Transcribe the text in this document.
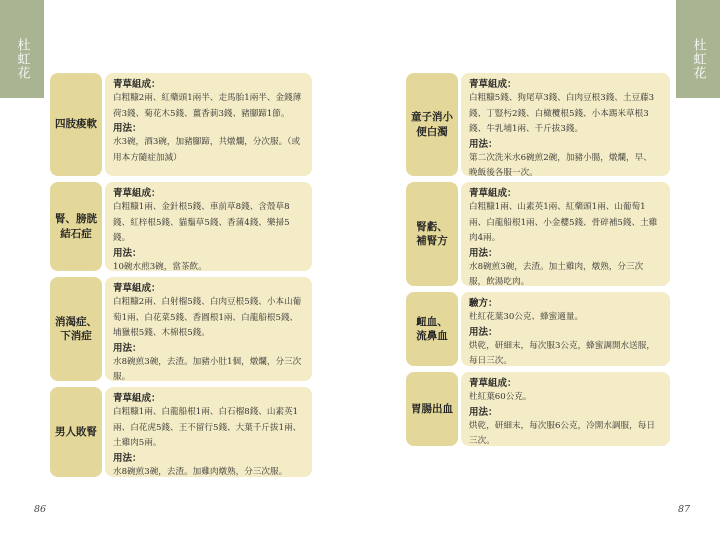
杜虹花
四肢痠軟
青草組成：
白粗糠2兩、紅藥頭1兩半、走馬胎1兩半、金錢薄荷3錢、菊花木5錢、薑香莿3錢、豬腳蹄1節。
用法：
水3碗，酒3碗，加豬腳蹄，共燉爛，分次服。（或用本方隨症加減）
腎、膀胱
結石症
青草組成：
白粗糠1兩、金針根5錢、車前草8錢、含殼草8錢、紅梓根5錢、貓鬚草5錢、香蒲4錢、樂掃5錢。
用法：
10碗水煎3碗，當茶飲。
消渴症、
下消症
青草組成：
白粗糠2兩、白射榴5錢、白肉豆根5錢、小本山葡萄1兩、白花菜5錢、香圓根1兩、白龍船根5錢、埔獵根5錢、木棉根5錢。
用法：
水8碗煎3碗，去渣。加豬小肚1個，燉爛，分三次服。
男人敗腎
青草組成：
白粗糠1兩、白龍船根1兩、白石榴8錢、山素英1兩、白花虎5錢、王不留行5錢、大葉千斤拔1兩、土雞肉5兩。
用法：
水8碗煎3碗，去渣。加雞肉燉熟，分三次服。
86
杜虹花
童子消小
便白濁
青草組成：
白粗糠5錢、狗尾草3錢、白肉豆根3錢、土豆藤3錢、丁豎杇2錢、白橄欖根5錢、小本踢米草根3錢、牛乳埔1兩、千斤拔3錢。
用法：
第二次洗米水6碗煎2碗，加豬小腸，燉爛，早、晚飯後各服一次。
腎虧、
補腎方
青草組成：
白粗糠1兩、山素英1兩、紅藥頭1兩、山葡萄1兩、白龍船根1兩、小金櫻5錢、骨碎補5錢、土雞肉4兩。
用法：
水8碗煎3碗，去渣。加土雞肉，燉熟，分三次服，飲湯吃肉。
衄血、
流鼻血
驗方：
杜紅花葉30公克、蜂蜜適量。
用法：
烘乾，研細末，每次服3公克，蜂蜜調開水送服，每日三次。
胃腸出血
青草組成：
杜紅葉60公克。
用法：
烘乾，研細末，每次服6公克，冷開水調服，每日三次。
87
